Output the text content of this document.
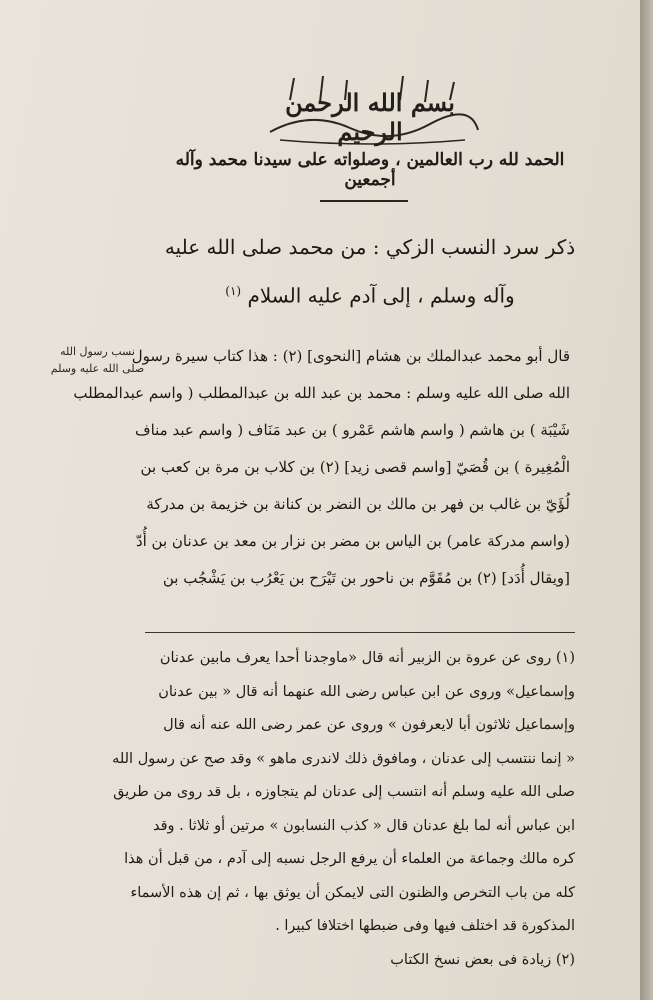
بسم الله الرحمن الرحيم
الحمد لله رب العالمين ، وصلواته على سيدنا محمد وآله أجمعين
ذكر سرد النسب الزكي : من محمد صلى الله عليه
وآله وسلم ، إلى آدم عليه السلام $^{(١)}$
نسب رسول الله صلى الله عليه وسلم
قال أبو محمد عبدالملك بن هشام [النحوى] (٢) : هذا كتاب سيرة رسول
الله صلى الله عليه وسلم : محمد بن عبد الله بن عبدالمطلب ( واسم عبدالمطلب
شَيْبَة ) بن هاشم ( واسم هاشم عَمْرو ) بن عبد مَنَاف ( واسم عبد مناف
الْمُغِيرة ) بن قُصَيّ [واسم قصى زيد] (٢) بن كلاب بن مرة بن كعب بن
لُؤَيّ بن غالب بن فهر بن مالك بن النضر بن كنانة بن خزيمة بن مدركة
(واسم مدركة عامر) بن الياس بن مضر بن نزار بن معد بن عدنان بن أُدّ
[ويقال أُدَد] (٢) بن مُقَوَّم بن ناحور بن تَيْرَح بن يَعْرُب بن يَشْجُب بن
(١) روى عن عروة بن الزبير أنه قال «ماوجدنا أحدا يعرف مابين عدنان
وإسماعيل» وروى عن ابن عباس رضى الله عنهما أنه قال « بين عدنان
وإسماعيل ثلاثون أبا لايعرفون » وروى عن عمر رضى الله عنه أنه قال
« إنما ننتسب إلى عدنان ، ومافوق ذلك لاندرى ماهو » وقد صح عن رسول الله
صلى الله عليه وسلم أنه انتسب إلى عدنان لم يتجاوزه ، بل قد روى من طريق
ابن عباس أنه لما بلغ عدنان قال « كذب النسابون » مرتين أو ثلاثا . وقد
كره مالك وجماعة من العلماء أن يرفع الرجل نسبه إلى آدم ، من قبل أن هذا
كله من باب التخرص والظنون التى لايمكن أن يوثق بها ، ثم إن هذه الأسماء
المذكورة قد اختلف فيها وفى ضبطها اختلافا كبيرا .
(٢) زيادة فى بعض نسخ الكتاب
